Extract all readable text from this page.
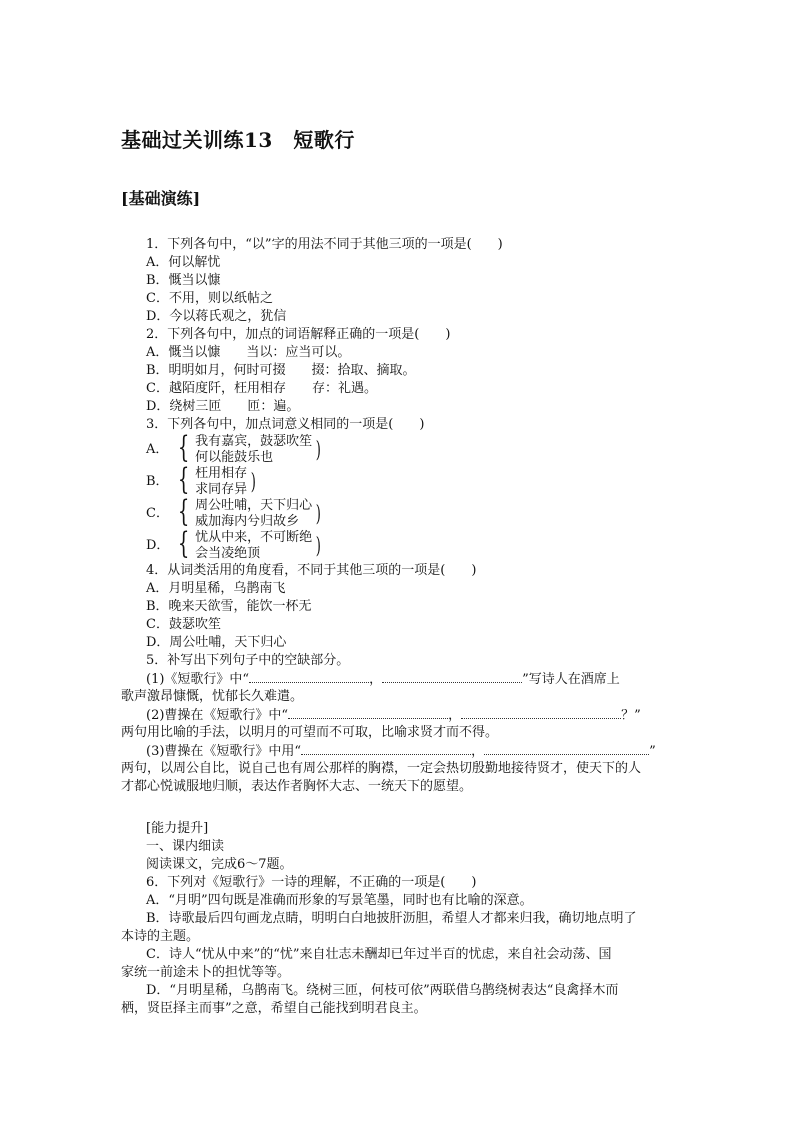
基础过关训练13　短歌行
[基础演练]
1．下列各句中，“以”字的用法不同于其他三项的一项是(　　)
A．何以解忧
B．慨当以慷
C．不用，则以纸帖之
D．今以蒋氏观之，犹信
2．下列各句中，加点的词语解释正确的一项是(　　)
A．慨当以慷　　当以：应当可以。
B．明明如月，何时可掇　　掇：拾取、摘取。
C．越陌度阡，枉用相存　　存：礼遇。
D．绕树三匝　　匝：遍。
3．下列各句中，加点词意义相同的一项是(　　)
A． { 我有嘉宾，鼓瑟吹笙
何以能鼓乐也	)
B． { 枉用相存
求同存异 )
C． { 周公吐哺，天下归心
威加海内兮归故乡 )
D． { 忧从中来，不可断绝
会当凌绝顶	)
4．从词类活用的角度看，不同于其他三项的一项是(　　)
A．月明星稀，乌鹊南飞
B．晚来天欲雪，能饮一杯无
C．鼓瑟吹笙
D．周公吐哺，天下归心
5．补写出下列句子中的空缺部分。
(1)《短歌行》中“	，	”写诗人在酒席上
歌声激昂慷慨，忧郁长久难遣。
(2)曹操在《短歌行》中“	，	？”
两句用比喻的手法，以明月的可望而不可取，比喻求贤才而不得。
(3)曹操在《短歌行》中用“	，	”
两句，以周公自比，说自己也有周公那样的胸襟，一定会热切殷勤地接待贤才，使天下的人
才都心悦诚服地归顺，表达作者胸怀大志、一统天下的愿望。
[能力提升]
一、课内细读
阅读课文，完成6～7题。
6．下列对《短歌行》一诗的理解，不正确的一项是(　　)
A．“月明”四句既是准确而形象的写景笔墨，同时也有比喻的深意。
B．诗歌最后四句画龙点睛，明明白白地披肝沥胆，希望人才都来归我，确切地点明了
本诗的主题。
C．诗人“忧从中来”的“忧”来自壮志未酬却已年过半百的忧虑，来自社会动荡、国
家统一前途未卜的担忧等等。
D．“月明星稀，乌鹊南飞。绕树三匝，何枝可依”两联借乌鹊绕树表达“良禽择木而
栖，贤臣择主而事”之意，希望自己能找到明君良主。
